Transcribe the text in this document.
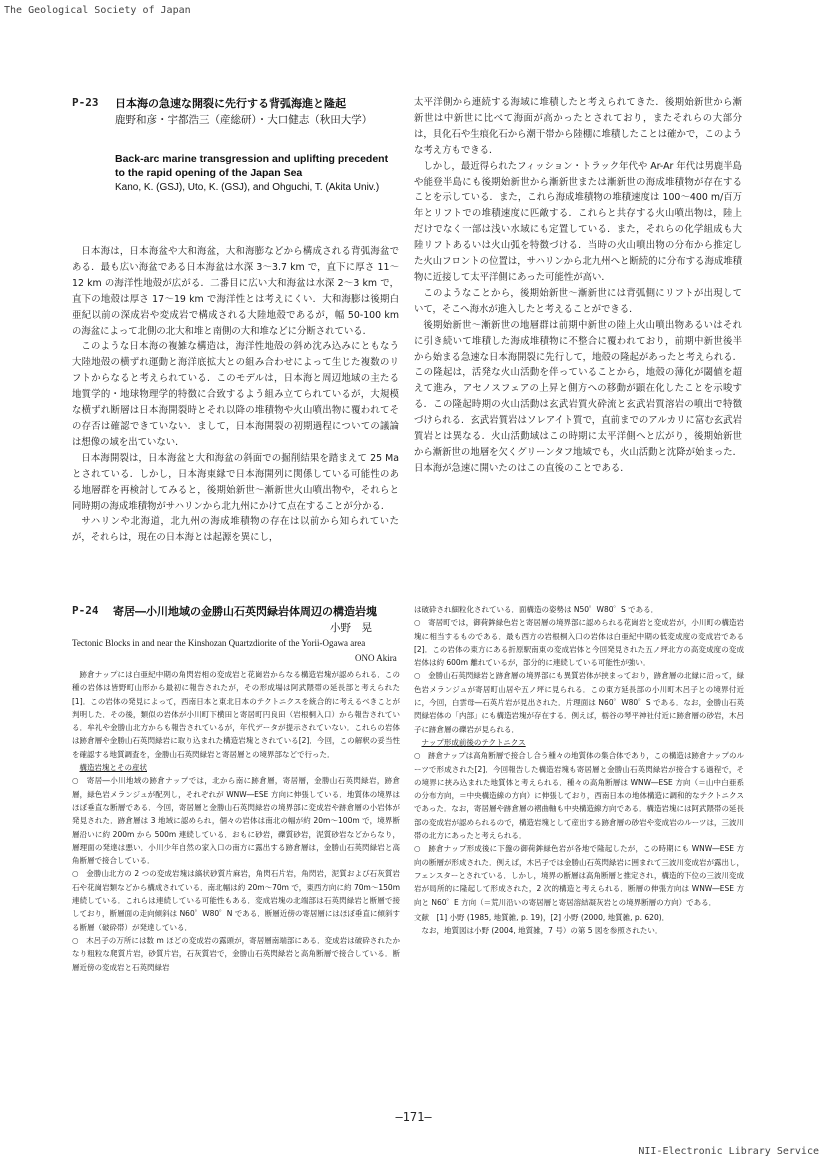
The Geological Society of Japan
NII-Electronic Library Service
—171—
P-23 日本海の急速な開裂に先行する背弧海進と隆起
鹿野和彦・宇都浩三（産総研）・大口健志（秋田大学）
Back-arc marine transgression and uplifting precedent to the rapid opening of the Japan Sea
Kano, K. (GSJ), Uto, K. (GSJ), and Ohguchi, T. (Akita Univ.)

日本海は，日本海盆や大和海盆，大和海膨などから構成される背弧海盆である．最も広い海盆である日本海盆は水深 3〜3.7 km で，直下に厚さ 11〜12 km の海洋性地殻が広がる．二番目に広い大和海盆は水深 2〜3 km で，直下の地殻は厚さ 17〜19 km で海洋性とは考えにくい．大和海膨は後期白亜紀以前の深成岩や変成岩で構成される大陸地殻であるが，幅 50-100 km の海盆によって北側の北大和堆と南側の大和堆などに分断されている．

このような日本海の複雑な構造は，海洋性地殻の斜め沈み込みにともなう大陸地殻の横ずれ運動と海洋底拡大との組み合わせによって生じた複数のリフトからなると考えられている．このモデルは，日本海と周辺地域の主たる地質学的・地球物理学的特徴に合致するよう組み立てられているが，大規模な横ずれ断層は日本海開裂時とそれ以降の堆積物や火山噴出物に覆われてその存否は確認できていない．まして，日本海開裂の初期過程についての議論は想像の域を出ていない．

日本海開裂は，日本海盆と大和海盆の斜面での掘削結果を踏まえて 25 Ma とされている．しかし，日本海東縁で日本海開列に関係している可能性のある地層群を再検討してみると，後期始新世〜漸新世火山噴出物や，それらと同時期の海成堆積物がサハリンから北九州にかけて点在することが分かる．

サハリンや北海道，北九州の海成堆積物の存在は以前から知られていたが，それらは，現在の日本海とは起源を異にし，

太平洋側から連続する海域に堆積したと考えられてきた．後期始新世から漸新世は中新世に比べて海面が高かったとされており，またそれらの大部分は，貝化石や生痕化石から潮干帯から陸棚に堆積したことは確かで，このような考え方もできる．

しかし，最近得られたフィッション・トラック年代や Ar-Ar 年代は男鹿半島や能登半島にも後期始新世から漸新世または漸新世の海成堆積物が存在することを示している．また，これら海成堆積物の堆積速度は 100〜400 m/百万年とリフトでの堆積速度に匹敵する．これらと共存する火山噴出物は，陸上だけでなく一部は浅い水域にも定置している．また，それらの化学組成も大陸リフトあるいは火山弧を特徴づける．当時の火山噴出物の分布から推定した火山フロントの位置は，サハリンから北九州へと断続的に分布する海成堆積物に近接して太平洋側にあった可能性が高い．

このようなことから，後期始新世〜漸新世には背弧側にリフトが出現していて，そこへ海水が進入したと考えることができる．

後期始新世〜漸新世の地層群は前期中新世の陸上火山噴出物あるいはそれに引き続いて堆積した海成堆積物に不整合に覆われており，前期中新世後半から始まる急速な日本海開裂に先行して，地殻の隆起があったと考えられる．この隆起は，活発な火山活動を伴っていることから，地殻の薄化が閾値を超えて進み，アセノスフェアの上昇と側方への移動が顕在化したことを示唆する．この隆起時期の火山活動は玄武岩質火砕流と玄武岩質溶岩の噴出で特徴づけられる．玄武岩質岩はソレアイト質で，直前までのアルカリに富む玄武岩質岩とは異なる．火山活動域はこの時期に太平洋側へと広がり，後期始新世から漸新世の地層を欠くグリーンタフ地域でも，火山活動と沈降が始まった．日本海が急速に開いたのはこの直後のことである．

P-24 寄居―小川地域の金勝山石英閃緑岩体周辺の構造岩塊
小野　晃
Tectonic Blocks in and near the Kinshozan Quartzdiorite of the Yorii-Ogawa area
ONO Akira

跡倉ナップには白亜紀中期の角閃岩相の変成岩と花崗岩からなる構造岩塊が認められる．この種の岩体は皆野町山形から最初に報告されたが，その形成場は阿武隈帯の延長部と考えられた[1]．この岩体の発見によって，西南日本と東北日本のテクトニクスを統合的に考えるべきことが判明した．その後，類似の岩体が小川町下横田と寄居町円良田（岩根桐入口）から報告されている．牟礼や金勝山北方からも報告されているが，年代データが提示されていない．これらの岩体は跡倉層や金勝山石英閃緑岩に取り込まれた構造岩塊とされている[2]．今回，この解釈の妥当性を確認する地質調査を，金勝山石英閃緑岩と寄居層との境界部などで行った．

構造岩塊とその産状

○　寄居―小川地域の跡倉ナップでは，北から南に跡倉層，寄居層，金勝山石英閃緑岩，跡倉層，緑色岩メランジュが配列し，それぞれが WNW―ESE 方向に伸張している．地質体の境界はほぼ垂直な断層である．今回，寄居層と金勝山石英閃緑岩の境界部に変成岩や跡倉層の小岩体が発見された．跡倉層は 3 地域に認められ，個々の岩体は南北の幅が約 20m〜100m で，境界断層沿いに約 200m から 500m 連続している．おもに砂岩，礫質砂岩，泥質砂岩などからなり，層理面の発達は悪い．小川少年自然の家入口の南方に露出する跡倉層は，金勝山石英閃緑岩と高角断層で接合している．

○　金勝山北方の 2 つの変成岩塊は縞状砂質片麻岩，角閃石片岩，角閃岩，泥質および石灰質岩石や花崗岩類などから構成されている．南北幅は約 20m〜70m で，東西方向に約 70m〜150m連続している．これらは連続している可能性もある．変成岩塊の北端部は石英閃緑岩と断層で接しており，断層面の走向傾斜は N60゜W80゜N である．断層近傍の寄居層にはほぼ垂直に傾斜する断層（破砕帯）が発達している．

○　木呂子の万所には数 m ほどの変成岩の露頭が，寄居層南端部にある．変成岩は破砕されたかなり粗粒な爬質片岩，砂質片岩，石灰質岩で，金勝山石英閃緑岩と高角断層で接合している．断層近傍の変成岩と石英閃緑岩

は破砕され細粒化されている．面構造の姿勢は N50゜W80゜S である．

○　寄居町では，御荷鉾緑色岩と寄居層の境界部に認められる花崗岩と変成岩が，小川町の構造岩塊に相当するものである．最も西方の岩根桐入口の岩体は白亜紀中期の低変成度の変成岩である[2]．この岩体の東方にある折原駅南東の変成岩体と今回発見された五ノ坪北方の高変成度の変成岩体は約 600m 離れているが，部分的に連続している可能性が強い．

○　金勝山石英閃緑岩と跡倉層の境界部にも異質岩体が挟まっており，跡倉層の北縁に沿って，緑色岩メランジュが寄居町山居や五ノ坪に見られる．この東方延長部の小川町木呂子との境界付近に，今回，白雲母―石英片岩が見出された．片理面は N60゜W80゜S である．なお，金勝山石英閃緑岩体の「内部」にも構造岩塊が存在する．例えば，栃谷の琴平神社付近に跡倉層の砂岩，木呂子に跡倉層の礫岩が見られる．

ナップ形成前後のテクトニクス

○　跡倉ナップは高角断層で接合し合う種々の地質体の集合体であり，この構造は跡倉ナップのルーツで形成された[2]．今回報告した構造岩塊も寄居層と金勝山石英閃緑岩が接合する過程で，その境界に挟み込まれた地質体と考えられる．種々の高角断層は WNW―ESE 方向（＝山中白亜系の分布方向，＝中央構造線の方向）に伸張しており，西南日本の地体構造に調和的なテクトニクスであった．なお，寄居層や跡倉層の褶曲軸も中央構造線方向である．構造岩塊には阿武隈帯の延長部の変成岩が認められるので，構造岩塊として産出する跡倉層の砂岩や変成岩のルーツは，三波川帯の北方にあったと考えられる．

○　跡倉ナップ形成後に下盤の御荷鉾緑色岩が各地で隆起したが，この時期にも WNW―ESE 方向の断層が形成された．例えば，木呂子では金勝山石英閃緑岩に囲まれて三波川変成岩が露出し，フェンスターとされている．しかし，境界の断層は高角断層と推定され，構造的下位の三波川変成岩が局所的に隆起して形成された，2 次的構造と考えられる．断層の伸張方向は WNW―ESE 方向と N60゜E 方向（＝荒川沿いの寄居層と寄居溶結凝灰岩との境界断層の方向）である．

文献　[1] 小野 (1985, 地質雑, p. 19)，[2] 小野 (2000, 地質雑, p. 620)．

なお，地質図は小野 (2004, 地質雑，7 号）の第 5 図を参照されたい．
